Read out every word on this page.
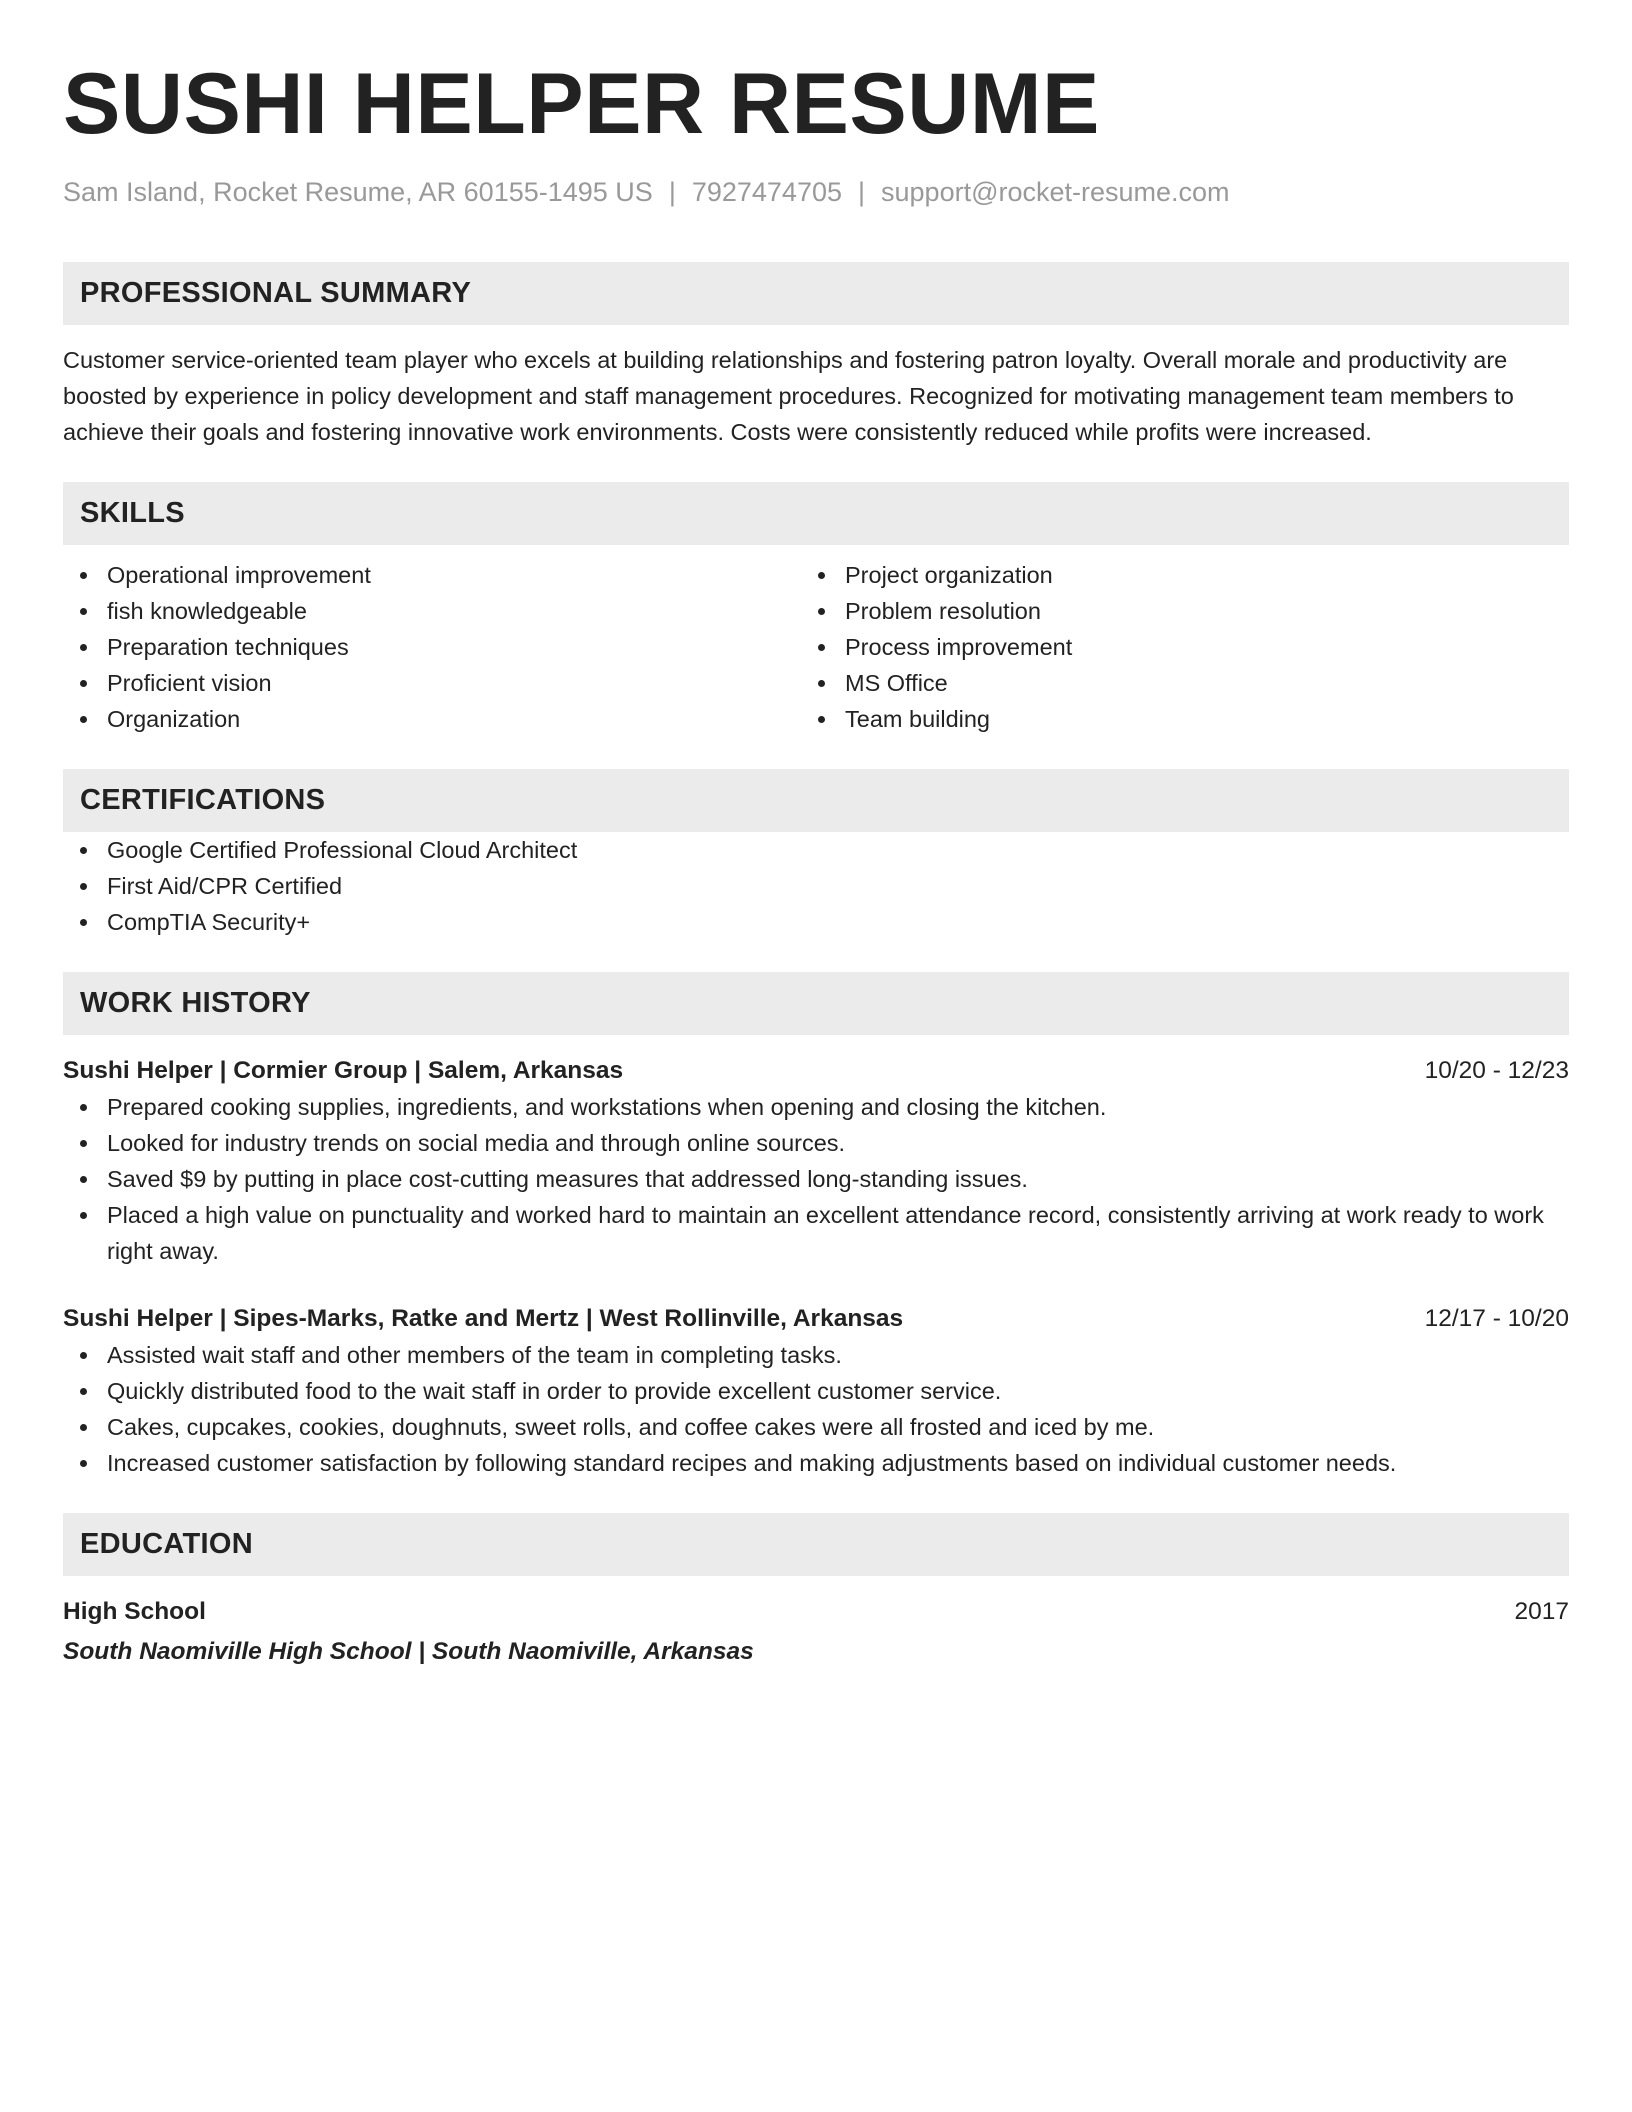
SUSHI HELPER RESUME
Sam Island, Rocket Resume, AR 60155-1495 US | 7927474705 | support@rocket-resume.com
PROFESSIONAL SUMMARY
Customer service-oriented team player who excels at building relationships and fostering patron loyalty. Overall morale and productivity are boosted by experience in policy development and staff management procedures. Recognized for motivating management team members to achieve their goals and fostering innovative work environments. Costs were consistently reduced while profits were increased.
SKILLS
Operational improvement
fish knowledgeable
Preparation techniques
Proficient vision
Organization
Project organization
Problem resolution
Process improvement
MS Office
Team building
CERTIFICATIONS
Google Certified Professional Cloud Architect
First Aid/CPR Certified
CompTIA Security+
WORK HISTORY
Sushi Helper | Cormier Group | Salem, Arkansas	10/20 - 12/23
Prepared cooking supplies, ingredients, and workstations when opening and closing the kitchen.
Looked for industry trends on social media and through online sources.
Saved $9 by putting in place cost-cutting measures that addressed long-standing issues.
Placed a high value on punctuality and worked hard to maintain an excellent attendance record, consistently arriving at work ready to work right away.
Sushi Helper | Sipes-Marks, Ratke and Mertz | West Rollinville, Arkansas	12/17 - 10/20
Assisted wait staff and other members of the team in completing tasks.
Quickly distributed food to the wait staff in order to provide excellent customer service.
Cakes, cupcakes, cookies, doughnuts, sweet rolls, and coffee cakes were all frosted and iced by me.
Increased customer satisfaction by following standard recipes and making adjustments based on individual customer needs.
EDUCATION
High School	2017
South Naomiville High School | South Naomiville, Arkansas
